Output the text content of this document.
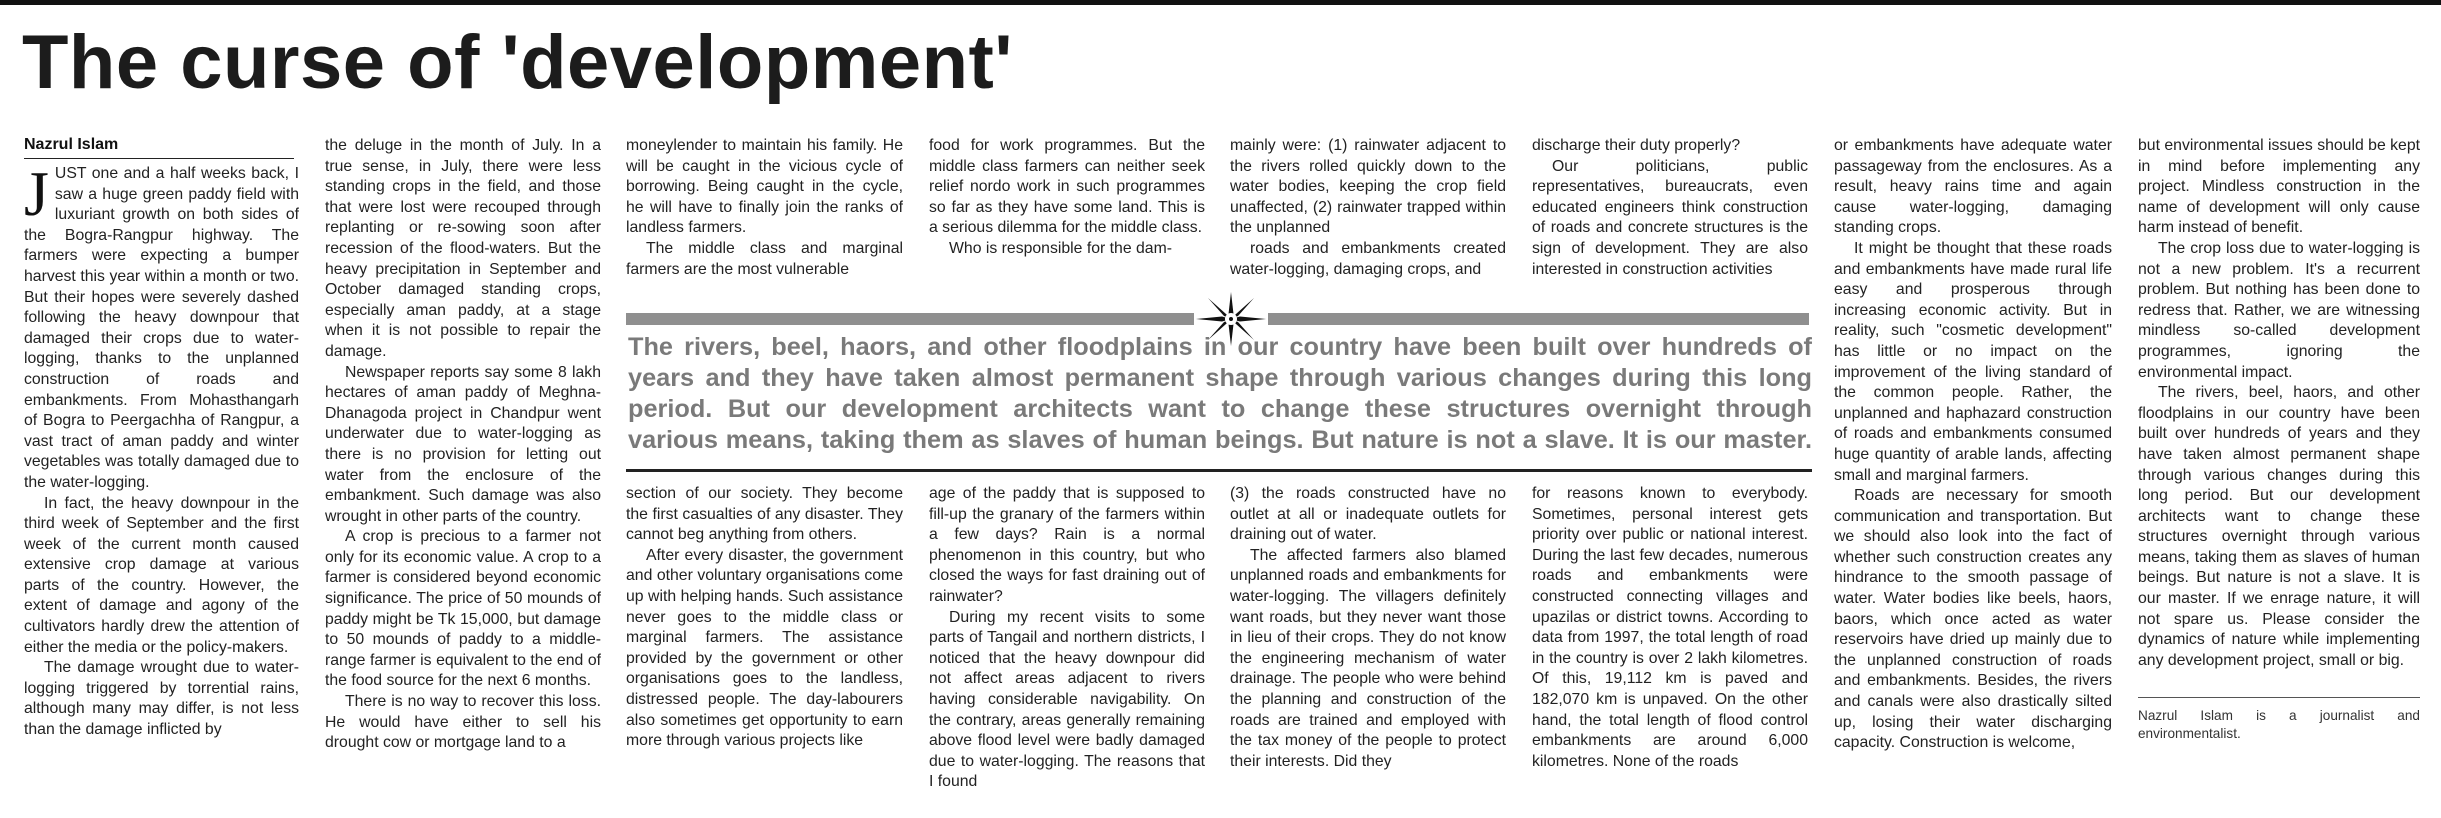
The curse of 'development'
Nazrul Islam

JUST one and a half weeks back, I saw a huge green paddy field with luxuriant growth on both sides of the Bogra-Rangpur highway. The farmers were expecting a bumper harvest this year within a month or two. But their hopes were severely dashed following the heavy downpour that damaged their crops due to water-logging, thanks to the unplanned construction of roads and embankments. From Mohasthangarh of Bogra to Peergachha of Rangpur, a vast tract of aman paddy and winter vegetables was totally damaged due to the water-logging.

In fact, the heavy downpour in the third week of September and the first week of the current month caused extensive crop damage at various parts of the country. However, the extent of damage and agony of the cultivators hardly drew the attention of either the media or the policy-makers.

The damage wrought due to water-logging triggered by torrential rains, although many may differ, is not less than the damage inflicted by

the deluge in the month of July. In a true sense, in July, there were less standing crops in the field, and those that were lost were recouped through replanting or re-sowing soon after recession of the flood-waters. But the heavy precipitation in September and October damaged standing crops, especially aman paddy, at a stage when it is not possible to repair the damage.

Newspaper reports say some 8 lakh hectares of aman paddy of Meghna-Dhanagoda project in Chandpur went underwater due to water-logging as there is no provision for letting out water from the enclosure of the embankment. Such damage was also wrought in other parts of the country.

A crop is precious to a farmer not only for its economic value. A crop to a farmer is considered beyond economic significance. The price of 50 mounds of paddy might be Tk 15,000, but damage to 50 mounds of paddy to a middle-range farmer is equivalent to the end of the food source for the next 6 months.

There is no way to recover this loss. He would have either to sell his drought cow or mortgage land to a

moneylender to maintain his family. He will be caught in the vicious cycle of borrowing. Being caught in the cycle, he will have to finally join the ranks of landless farmers.

The middle class and marginal farmers are the most vulnerable

food for work programmes. But the middle class farmers can neither seek relief nordo work in such programmes so far as they have some land. This is a serious dilemma for the middle class.

Who is responsible for the dam-

mainly were: (1) rainwater adjacent to the rivers rolled quickly down to the water bodies, keeping the crop field unaffected, (2) rainwater trapped within the unplanned

roads and embankments created water-logging, damaging crops, and

discharge their duty properly?

Our politicians, public representatives, bureaucrats, even educated engineers think construction of roads and concrete structures is the sign of development. They are also interested in construction activities

The rivers, beel, haors, and other floodplains in our country have been built over hundreds of years and they have taken almost permanent shape through various changes during this long period. But our development architects want to change these structures overnight through various means, taking them as slaves of human beings. But nature is not a slave. It is our master.

section of our society. They become the first casualties of any disaster. They cannot beg anything from others.

After every disaster, the government and other voluntary organisations come up with helping hands. Such assistance never goes to the middle class or marginal farmers. The assistance provided by the government or other organisations goes to the landless, distressed people. The day-labourers also sometimes get opportunity to earn more through various projects like

age of the paddy that is supposed to fill-up the granary of the farmers within a few days? Rain is a normal phenomenon in this country, but who closed the ways for fast draining out of rainwater?

During my recent visits to some parts of Tangail and northern districts, I noticed that the heavy downpour did not affect areas adjacent to rivers having considerable navigability. On the contrary, areas generally remaining above flood level were badly damaged due to water-logging. The reasons that I found

(3) the roads constructed have no outlet at all or inadequate outlets for draining out of water.

The affected farmers also blamed unplanned roads and embankments for water-logging. The villagers definitely want roads, but they never want those in lieu of their crops. They do not know the engineering mechanism of water drainage. The people who were behind the planning and construction of the roads are trained and employed with the tax money of the people to protect their interests. Did they

for reasons known to everybody. Sometimes, personal interest gets priority over public or national interest. During the last few decades, numerous roads and embankments were constructed connecting villages and upazilas or district towns. According to data from 1997, the total length of road in the country is over 2 lakh kilometres. Of this, 19,112 km is paved and 182,070 km is unpaved. On the other hand, the total length of flood control embankments are around 6,000 kilometres. None of the roads

or embankments have adequate water passageway from the enclosures. As a result, heavy rains time and again cause water-logging, damaging standing crops.

It might be thought that these roads and embankments have made rural life easy and prosperous through increasing economic activity. But in reality, such "cosmetic development" has little or no impact on the improvement of the living standard of the common people. Rather, the unplanned and haphazard construction of roads and embankments consumed huge quantity of arable lands, affecting small and marginal farmers.

Roads are necessary for smooth communication and transportation. But we should also look into the fact of whether such construction creates any hindrance to the smooth passage of water. Water bodies like beels, haors, baors, which once acted as water reservoirs have dried up mainly due to the unplanned construction of roads and embankments. Besides, the rivers and canals were also drastically silted up, losing their water discharging capacity. Construction is welcome,

but environmental issues should be kept in mind before implementing any project. Mindless construction in the name of development will only cause harm instead of benefit.

The crop loss due to water-logging is not a new problem. It's a recurrent problem. But nothing has been done to redress that. Rather, we are witnessing mindless so-called development programmes, ignoring the environmental impact.

The rivers, beel, haors, and other floodplains in our country have been built over hundreds of years and they have taken almost permanent shape through various changes during this long period. But our development architects want to change these structures overnight through various means, taking them as slaves of human beings. But nature is not a slave. It is our master. If we enrage nature, it will not spare us. Please consider the dynamics of nature while implementing any development project, small or big.

Nazrul Islam is a journalist and environmentalist.
